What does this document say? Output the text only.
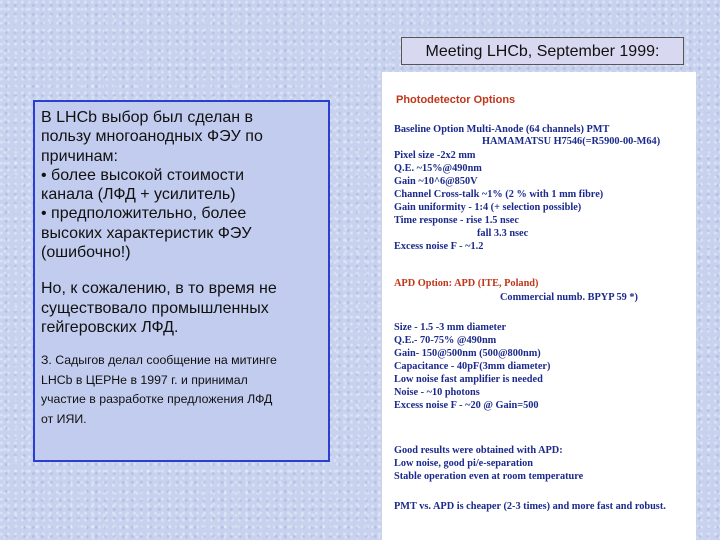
Meeting LHCb, September 1999:
В LHCb выбор был сделан в
пользу многоанодных ФЭУ по
причинам:
• более высокой стоимости
канала (ЛФД + усилитель)
• предположительно, более
высоких характеристик ФЭУ
(ошибочно!)
Но, к сожалению, в то время не
существовало промышленных
гейгеровских ЛФД.
З. Садыгов делал сообщение на митинге
LHCb в ЦЕРНе в 1997 г. и принимал
участие в разработке предложения ЛФД
от ИЯИ.
Photodetector Options
Baseline Option Multi-Anode (64 channels) PMT
HAMAMATSU H7546(=R5900-00-M64)
Pixel size -2x2 mm
Q.E. ~15%@490nm
Gain ~10^6@850V
Channel Cross-talk ~1% (2 % with 1 mm fibre)
Gain uniformity - 1:4 (+ selection possible)
Time response - rise 1.5 nsec
fall 3.3 nsec
Excess noise F - ~1.2
APD Option: APD (ITE, Poland)
Commercial numb. BPYP 59 *)
Size - 1.5 -3 mm diameter
Q.E.- 70-75% @490nm
Gain- 150@500nm (500@800nm)
Capacitance - 40pF(3mm diameter)
Low noise fast amplifier is needed
Noise - ~10 photons
Excess noise F - ~20 @ Gain=500
Good results were obtained with APD:
Low noise, good pi/e-separation
Stable operation even at room temperature
PMT vs. APD is cheaper (2-3 times) and more fast and robust.
